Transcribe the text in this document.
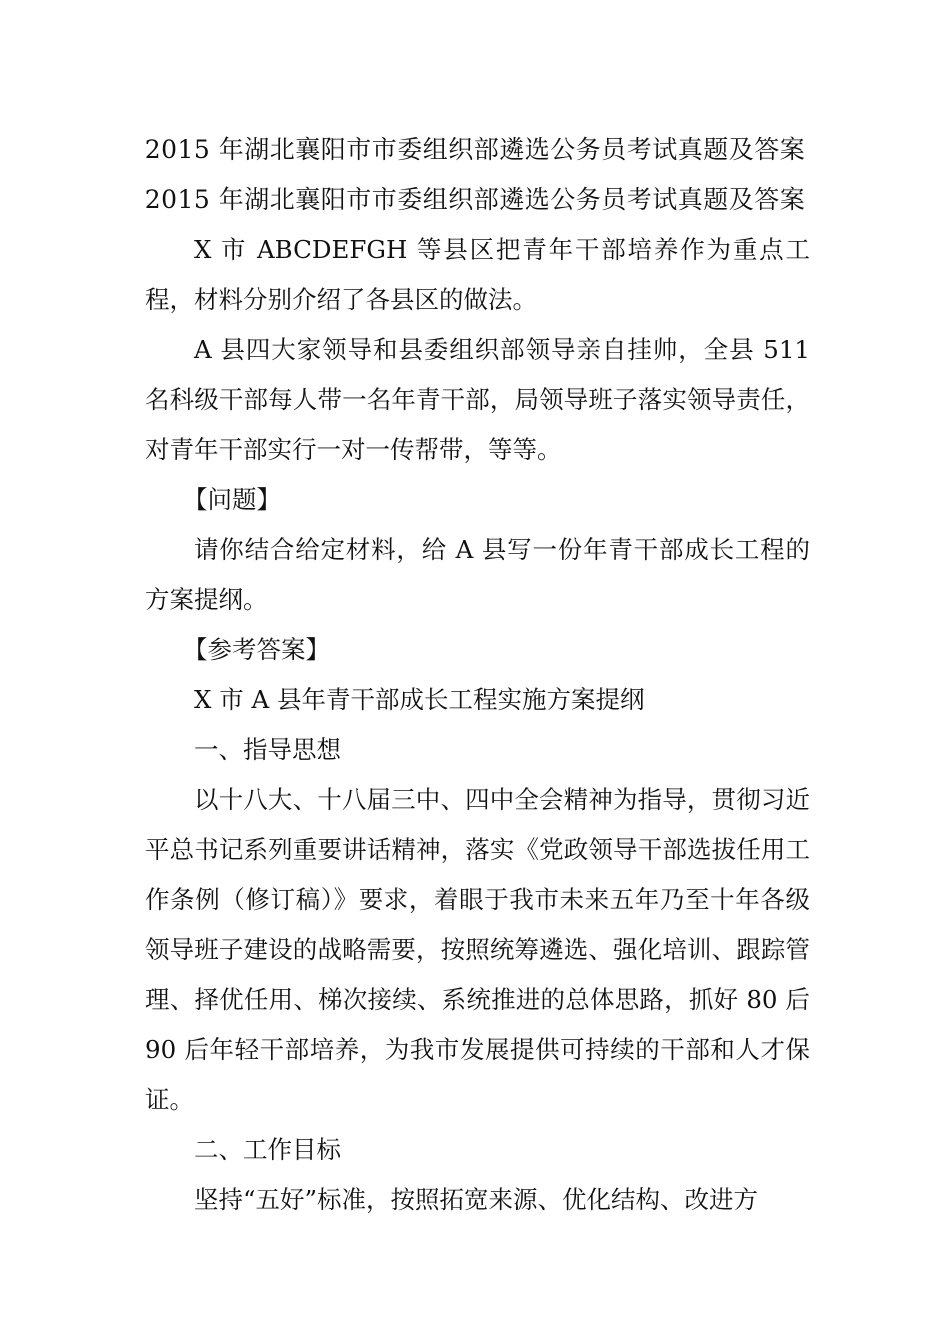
2015 年湖北襄阳市市委组织部遴选公务员考试真题及答案
2015 年湖北襄阳市市委组织部遴选公务员考试真题及答案

X 市 ABCDEFGH 等县区把青年干部培养作为重点工程，材料分别介绍了各县区的做法。

A 县四大家领导和县委组织部领导亲自挂帅，全县 511 名科级干部每人带一名年青干部，局领导班子落实领导责任，对青年干部实行一对一传帮带，等等。

【问题】

请你结合给定材料，给 A 县写一份年青干部成长工程的方案提纲。

【参考答案】

X 市 A 县年青干部成长工程实施方案提纲

一、指导思想

以十八大、十八届三中、四中全会精神为指导，贯彻习近平总书记系列重要讲话精神，落实《党政领导干部选拔任用工作条例（修订稿）》要求，着眼于我市未来五年乃至十年各级领导班子建设的战略需要，按照统筹遴选、强化培训、跟踪管理、择优任用、梯次接续、系统推进的总体思路，抓好 80 后 90 后年轻干部培养，为我市发展提供可持续的干部和人才保证。

二、工作目标

坚持“五好”标准，按照拓宽来源、优化结构、改进方
